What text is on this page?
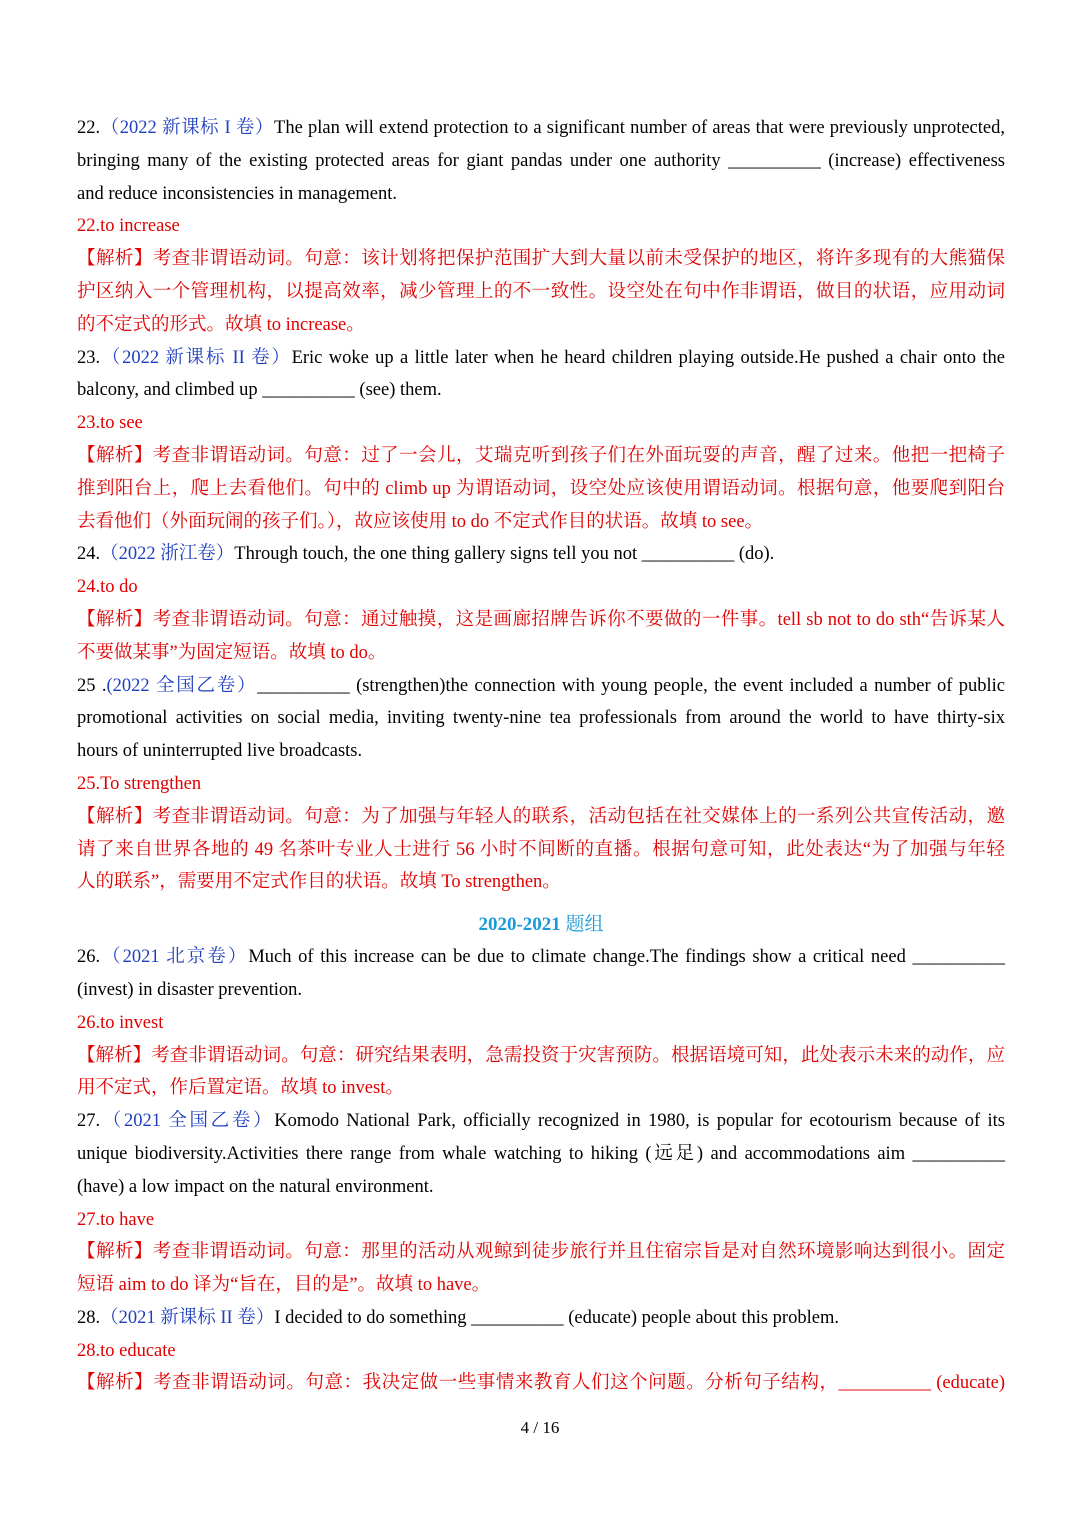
22.（2022 新课标 I 卷）The plan will extend protection to a significant number of areas that were previously unprotected,
bringing many of the existing protected areas for giant pandas under one authority __________ (increase) effectiveness
and reduce inconsistencies in management.
22.to increase
【解析】考查非谓语动词。句意：该计划将把保护范围扩大到大量以前未受保护的地区，将许多现有的大熊猫保
护区纳入一个管理机构，以提高效率，减少管理上的不一致性。设空处在句中作非谓语，做目的状语，应用动词
的不定式的形式。故填 to increase。
23.（2022 新课标 II 卷）Eric woke up a little later when he heard children playing outside.He pushed a chair onto the
balcony, and climbed up __________ (see) them.
23.to see
【解析】考查非谓语动词。句意：过了一会儿，艾瑞克听到孩子们在外面玩耍的声音，醒了过来。他把一把椅子
推到阳台上，爬上去看他们。句中的 climb up 为谓语动词，设空处应该使用谓语动词。根据句意，他要爬到阳台
去看他们（外面玩闹的孩子们。），故应该使用 to do 不定式作目的状语。故填 to see。
24.（2022 浙江卷）Through touch, the one thing gallery signs tell you not __________ (do).
24.to do
【解析】考查非谓语动词。句意：通过触摸，这是画廊招牌告诉你不要做的一件事。tell sb not to do sth“告诉某人
不要做某事”为固定短语。故填 to do。
25 .(2022 全国乙卷）__________ (strengthen)the connection with young people, the event included a number of public
promotional activities on social media, inviting twenty-nine tea professionals from around the world to have thirty-six
hours of uninterrupted live broadcasts.
25.To strengthen
【解析】考查非谓语动词。句意：为了加强与年轻人的联系，活动包括在社交媒体上的一系列公共宣传活动，邀
请了来自世界各地的 49 名茶叶专业人士进行 56 小时不间断的直播。根据句意可知，此处表达“为了加强与年轻
人的联系”，需要用不定式作目的状语。故填 To strengthen。
2020-2021 题组
26.（2021 北京卷）Much of this increase can be due to climate change.The findings show a critical need __________
(invest) in disaster prevention.
26.to invest
【解析】考查非谓语动词。句意：研究结果表明，急需投资于灾害预防。根据语境可知，此处表示未来的动作，应
用不定式，作后置定语。故填 to invest。
27.（2021 全国乙卷）Komodo National Park, officially recognized in 1980, is popular for ecotourism because of its
unique biodiversity.Activities there range from whale watching to hiking (远足) and accommodations aim __________
(have) a low impact on the natural environment.
27.to have
【解析】考查非谓语动词。句意：那里的活动从观鲸到徒步旅行并且住宿宗旨是对自然环境影响达到很小。固定
短语 aim to do 译为“旨在，目的是”。故填 to have。
28.（2021 新课标 II 卷）I decided to do something __________ (educate) people about this problem.
28.to educate
【解析】考查非谓语动词。句意：我决定做一些事情来教育人们这个问题。分析句子结构，__________ (educate)
4 / 16
